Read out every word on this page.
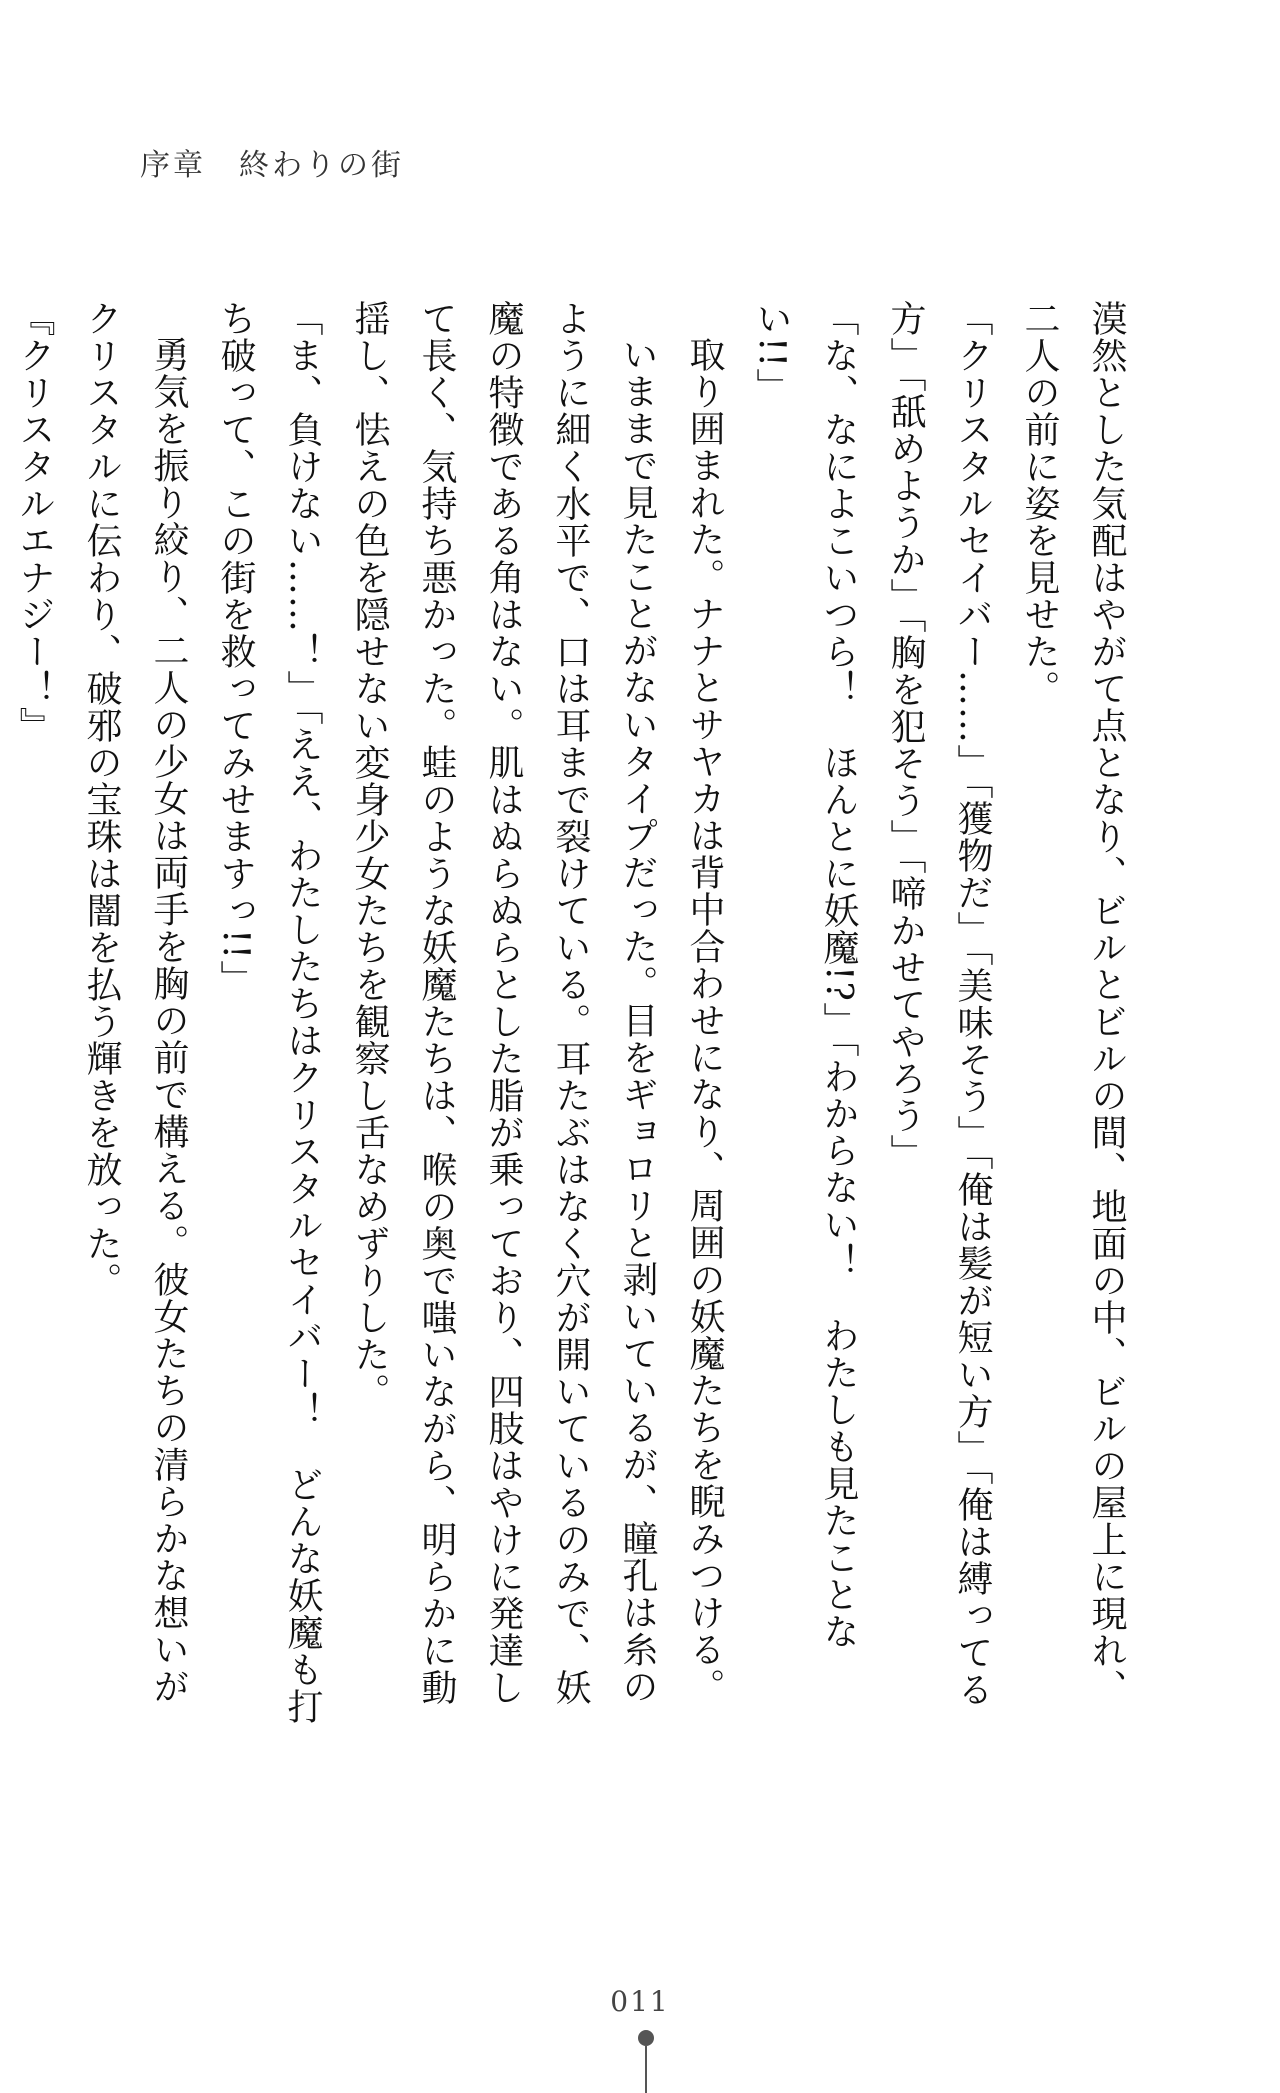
序章　終わりの街

漠然とした気配はやがて点となり、ビルとビルの間、地面の中、ビルの屋上に現れ、二人の前に姿を見せた。

「クリスタルセイバー……」「獲物だ」「美味そう」「俺は髪が短い方」「俺は縛ってる方」「舐めようか」「胸を犯そう」「啼かせてやろう」

「な、なによこいつら！　ほんとに妖魔!?」「わからない！　わたしも見たことない!!」

取り囲まれた。ナナとサヤカは背中合わせになり、周囲の妖魔たちを睨みつける。

いままで見たことがないタイプだった。目をギョロリと剥いているが、瞳孔は糸のように細く水平で、口は耳まで裂けている。耳たぶはなく穴が開いているのみで、妖魔の特徴である角はない。肌はぬらぬらとした脂が乗っており、四肢はやけに発達して長く、気持ち悪かった。蛙のような妖魔たちは、喉の奥で嗤いながら、明らかに動揺し、怯えの色を隠せない変身少女たちを観察し舌なめずりした。

「ま、負けない……！」「ええ、わたしたちはクリスタルセイバー！　どんな妖魔も打ち破って、この街を救ってみせますっ!!」

勇気を振り絞り、二人の少女は両手を胸の前で構える。彼女たちの清らかな想いがクリスタルに伝わり、破邪の宝珠は闇を払う輝きを放った。

『クリスタルエナジー！』

011
